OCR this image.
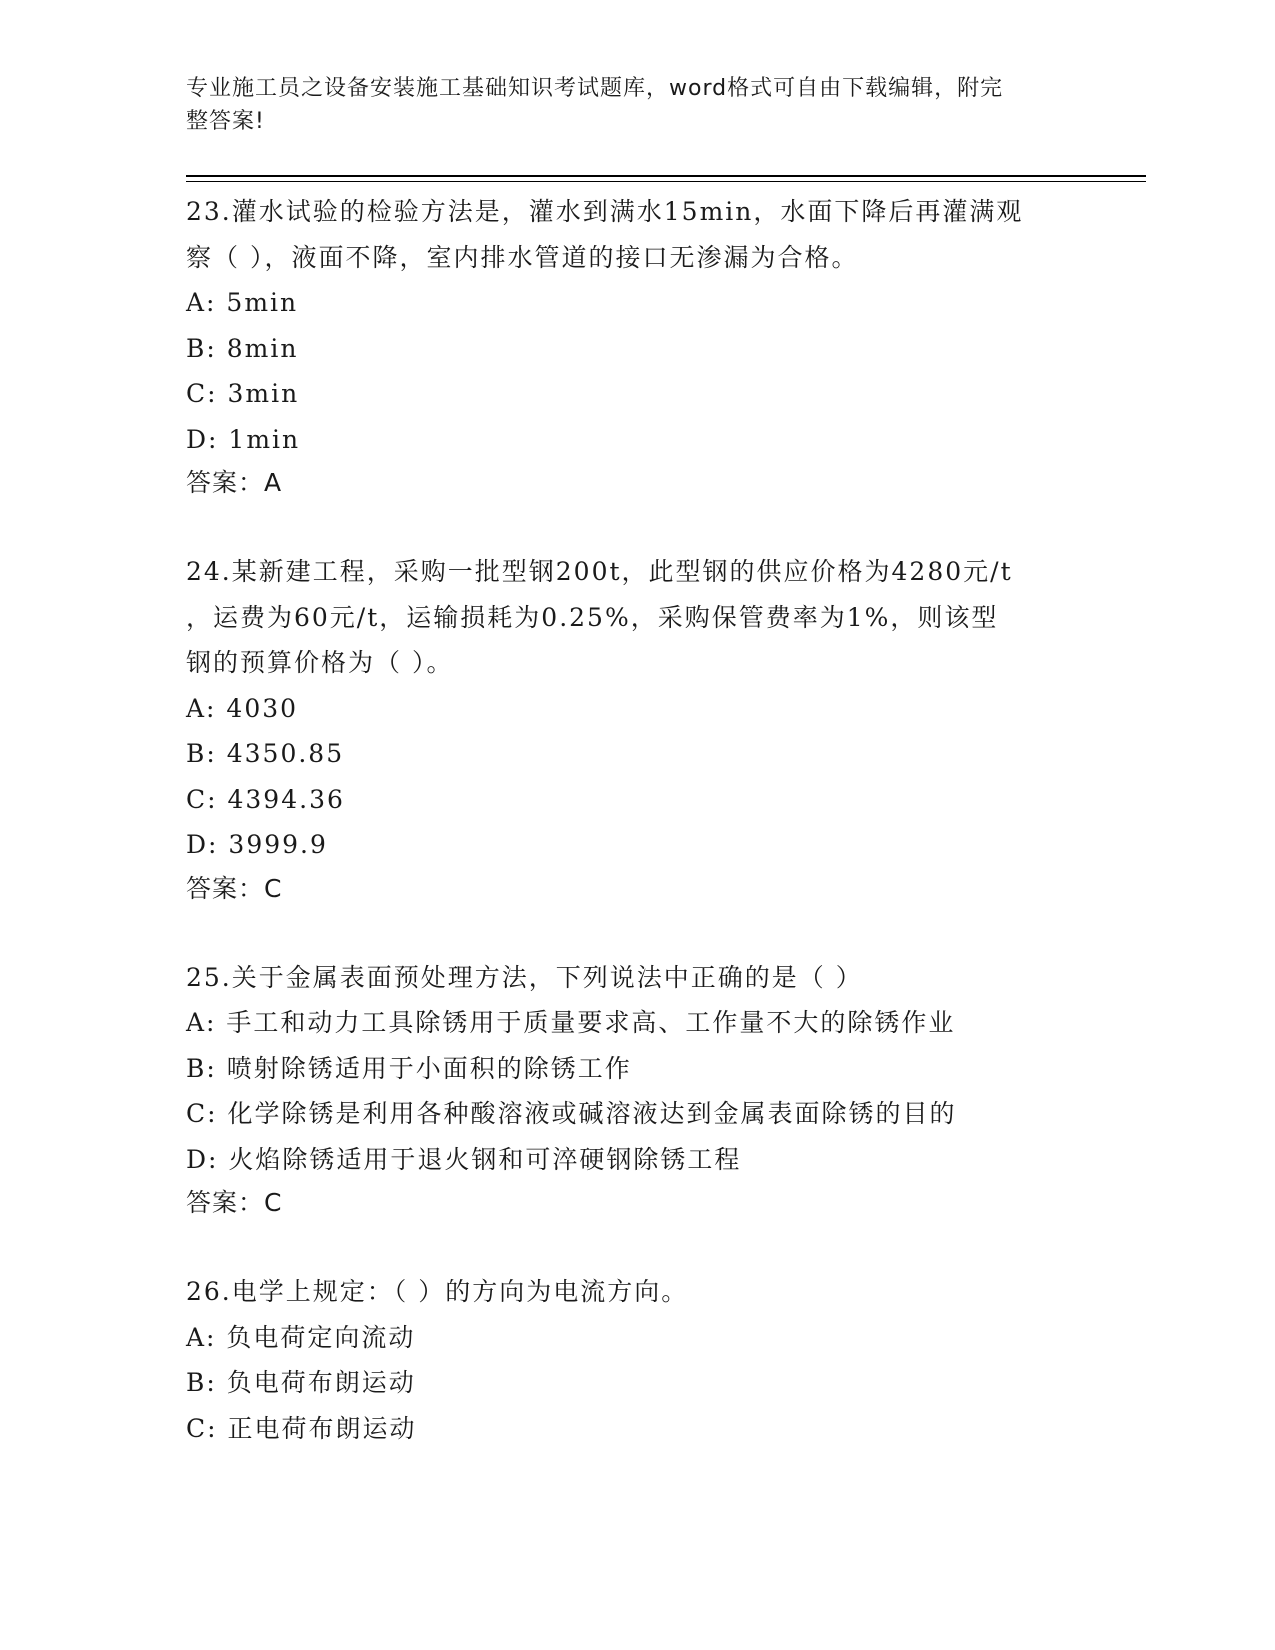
专业施工员之设备安装施工基础知识考试题库，word格式可自由下载编辑，附完
整答案!

23.灌水试验的检验方法是，灌水到满水15min，水面下降后再灌满观

察（ ），液面不降，室内排水管道的接口无渗漏为合格。

A: 5min

B: 8min

C: 3min

D: 1min

答案：A

24.某新建工程，采购一批型钢200t，此型钢的供应价格为4280元/t

，运费为60元/t，运输损耗为0.25%，采购保管费率为1%，则该型

钢的预算价格为（ ）。

A: 4030

B: 4350.85

C: 4394.36

D: 3999.9

答案：C

25.关于金属表面预处理方法，下列说法中正确的是（ ）

A: 手工和动力工具除锈用于质量要求高、工作量不大的除锈作业

B: 喷射除锈适用于小面积的除锈工作

C: 化学除锈是利用各种酸溶液或碱溶液达到金属表面除锈的目的

D: 火焰除锈适用于退火钢和可淬硬钢除锈工程

答案：C

26.电学上规定：（ ）的方向为电流方向。

A: 负电荷定向流动

B: 负电荷布朗运动

C: 正电荷布朗运动
